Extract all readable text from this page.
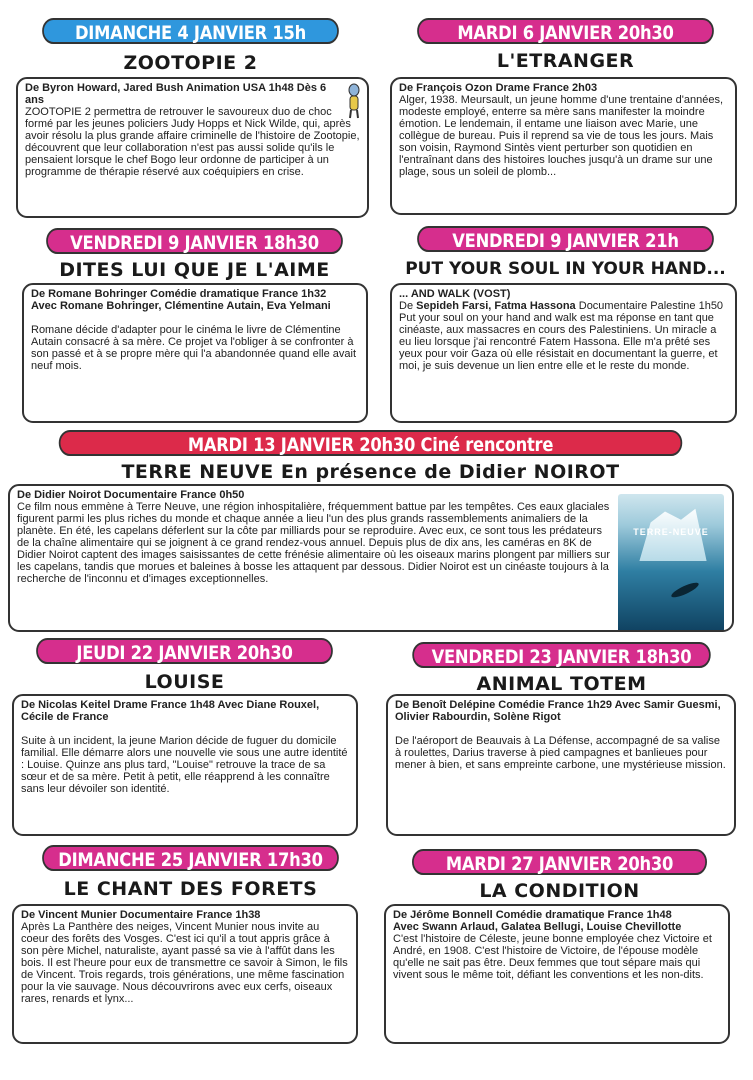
DIMANCHE 4 JANVIER 15h
ZOOTOPIE 2

De Byron Howard, Jared Bush Animation USA 1h48 Dès 6 ans

ZOOTOPIE 2 permettra de retrouver le savoureux duo de choc formé par les jeunes policiers Judy Hopps et Nick Wilde, qui, après avoir résolu la plus grande affaire criminelle de l'histoire de Zootopie, découvrent que leur collaboration n'est pas aussi solide qu'ils le pensaient lorsque le chef Bogo leur ordonne de participer à un programme de thérapie réservé aux coéquipiers en crise.

MARDI 6 JANVIER 20h30
L'ETRANGER

De François Ozon Drame France 2h03

Alger, 1938. Meursault, un jeune homme d'une trentaine d'années, modeste employé, enterre sa mère sans manifester la moindre émotion. Le lendemain, il entame une liaison avec Marie, une collègue de bureau. Puis il reprend sa vie de tous les jours. Mais son voisin, Raymond Sintès vient perturber son quotidien en l'entraînant dans des histoires louches jusqu'à un drame sur une plage, sous un soleil de plomb...

VENDREDI 9 JANVIER 18h30
DITES LUI QUE JE L'AIME

De Romane Bohringer Comédie dramatique France 1h32

Avec Romane Bohringer, Clémentine Autain, Eva Yelmani

Romane décide d'adapter pour le cinéma le livre de Clémentine Autain consacré à sa mère. Ce projet va l'obliger à se confronter à son passé et à se propre mère qui l'a abandonnée quand elle avait neuf mois.

VENDREDI 9 JANVIER 21h
PUT YOUR SOUL IN YOUR HAND...

... AND WALK (VOST)

De Sepideh Farsi, Fatma Hassona Documentaire Palestine 1h50

Put your soul on your hand and walk est ma réponse en tant que cinéaste, aux massacres en cours des Palestiniens. Un miracle a eu lieu lorsque j'ai rencontré Fatem Hassona. Elle m'a prêté ses yeux pour voir Gaza où elle résistait en documentant la guerre, et moi, je suis devenue un lien entre elle et le reste du monde.

MARDI 13 JANVIER 20h30 Ciné rencontre
TERRE NEUVE En présence de Didier NOIROT

De Didier Noirot Documentaire France 0h50

Ce film nous emmène à Terre Neuve, une région inhospitalière, fréquemment battue par les tempêtes. Ces eaux glaciales figurent parmi les plus riches du monde et chaque année a lieu l'un des plus grands rassemblements animaliers de la planète. En été, les capelans déferlent sur la côte par milliards pour se reproduire. Avec eux, ce sont tous les prédateurs de la chaîne alimentaire qui se joignent à ce grand rendez-vous annuel. Depuis plus de dix ans, les caméras en 8K de Didier Noirot captent des images saisissantes de cette frénésie alimentaire où les oiseaux marins plongent par milliers sur les capelans, tandis que morues et baleines à bosse les attaquent par dessous. Didier Noirot est un cinéaste toujours à la recherche de l'inconnu et d'images exceptionnelles.

TERRE-NEUVE
JEUDI 22 JANVIER 20h30
LOUISE

De Nicolas Keitel Drame France 1h48 Avec Diane Rouxel, Cécile de France

Suite à un incident, la jeune Marion décide de fuguer du domicile familial. Elle démarre alors une nouvelle vie sous une autre identité : Louise. Quinze ans plus tard, "Louise" retrouve la trace de sa sœur et de sa mère. Petit à petit, elle réapprend à les connaître sans leur dévoiler son identité.

VENDREDI 23 JANVIER 18h30
ANIMAL TOTEM

De Benoît Delépine Comédie France 1h29 Avec Samir Guesmi, Olivier Rabourdin, Solène Rigot

De l'aéroport de Beauvais à La Défense, accompagné de sa valise à roulettes, Darius traverse à pied campagnes et banlieues pour mener à bien, et sans empreinte carbone, une mystérieuse mission.

DIMANCHE 25 JANVIER 17h30
LE CHANT DES FORETS

De Vincent Munier Documentaire France 1h38

Après La Panthère des neiges, Vincent Munier nous invite au coeur des forêts des Vosges. C'est ici qu'il a tout appris grâce à son père Michel, naturaliste, ayant passé sa vie à l'affût dans les bois. Il est l'heure pour eux de transmettre ce savoir à Simon, le fils de Vincent. Trois regards, trois générations, une même fascination pour la vie sauvage. Nous découvrirons avec eux cerfs, oiseaux rares, renards et lynx...

MARDI 27 JANVIER 20h30
LA CONDITION

De Jérôme Bonnell Comédie dramatique France 1h48

Avec Swann Arlaud, Galatea Bellugi, Louise Chevillotte

C'est l'histoire de Céleste, jeune bonne employée chez Victoire et André, en 1908. C'est l'histoire de Victoire, de l'épouse modèle qu'elle ne sait pas être. Deux femmes que tout sépare mais qui vivent sous le même toit, défiant les conventions et les non-dits.
